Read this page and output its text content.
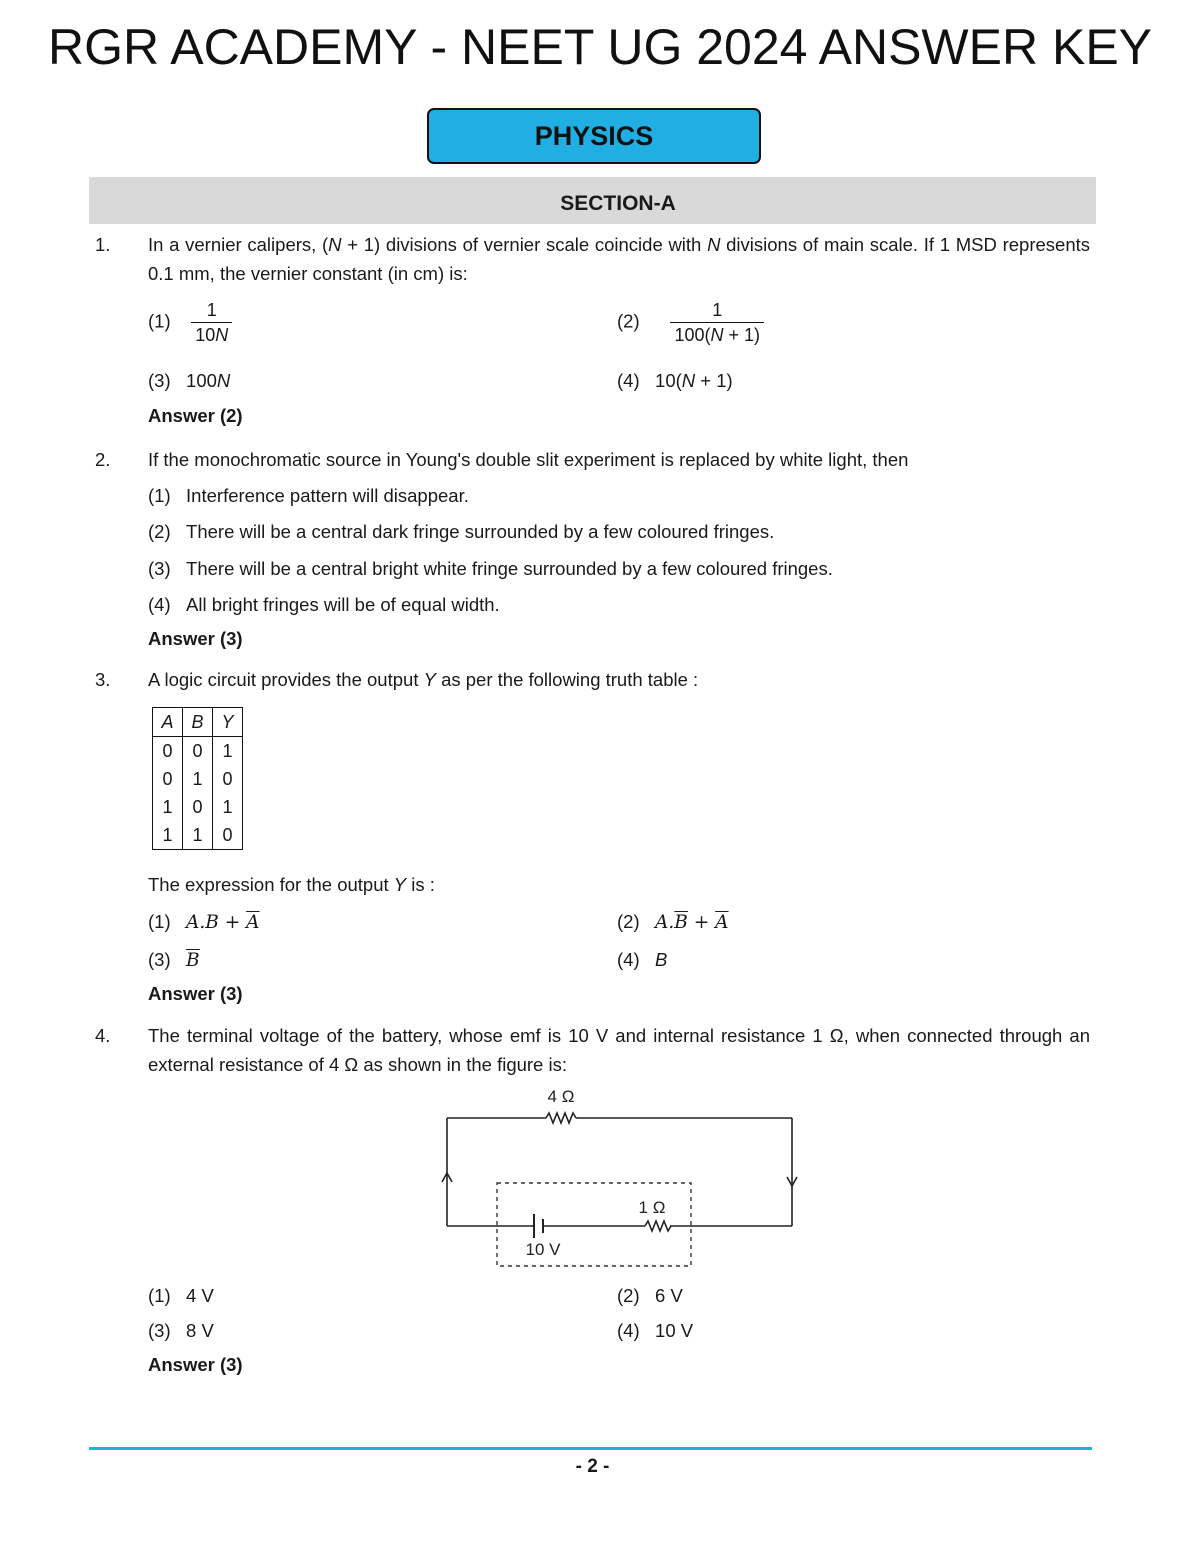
RGR ACADEMY - NEET UG 2024 ANSWER KEY
PHYSICS
SECTION-A
1. In a vernier calipers, (N + 1) divisions of vernier scale coincide with N divisions of main scale. If 1 MSD represents 0.1 mm, the vernier constant (in cm) is:
$(1) \frac{1}{10N}$	$(2) \frac{1}{100(N + 1)}$
(3) 100N	(4) 10(N + 1)
Answer (2)
2. If the monochromatic source in Young's double slit experiment is replaced by white light, then
(1) Interference pattern will disappear.
(2) There will be a central dark fringe surrounded by a few coloured fringes.
(3) There will be a central bright white fringe surrounded by a few coloured fringes.
(4) All bright fringes will be of equal width.
Answer (3)
3. A logic circuit provides the output Y as per the following truth table :
A	B	Y
0	0	1
0	1	0
1	0	1
1	1	0
The expression for the output Y is :
(1) $A.B + \overline{A}$	(2) $A.\overline{B} + \overline{A}$
(3) $\overline{B}$	(4) B
Answer (3)
4. The terminal voltage of the battery, whose emf is 10 V and internal resistance 1 Ω, when connected through an external resistance of 4 Ω as shown in the figure is:
4 Ω
1 Ω
10 V
(1) 4 V	(2) 6 V
(3) 8 V	(4) 10 V
Answer (3)
- 2 -
